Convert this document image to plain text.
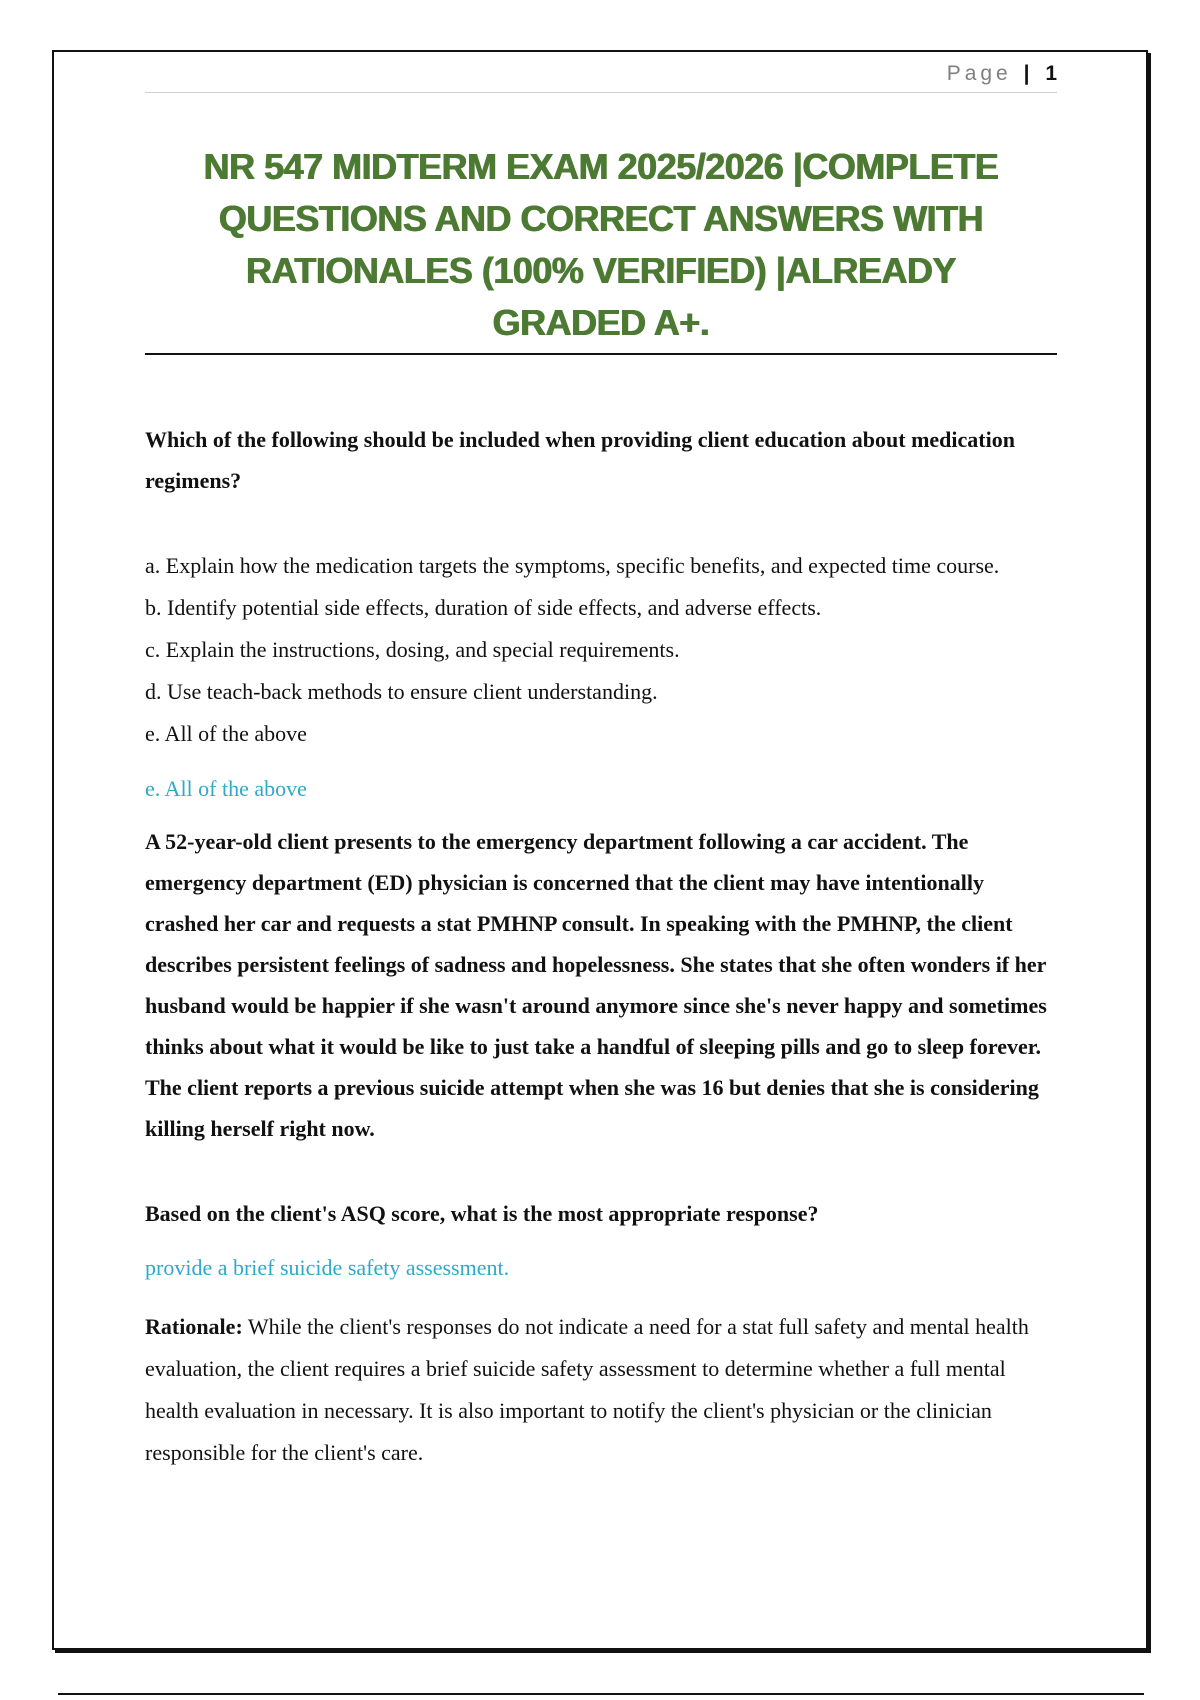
Page | 1
NR 547 MIDTERM EXAM 2025/2026 |COMPLETE
QUESTIONS AND CORRECT ANSWERS WITH
RATIONALES (100% VERIFIED) |ALREADY
GRADED A+.

Which of the following should be included when providing client education about medication regimens?

a. Explain how the medication targets the symptoms, specific benefits, and expected time course.

b. Identify potential side effects, duration of side effects, and adverse effects.

c. Explain the instructions, dosing, and special requirements.

d. Use teach-back methods to ensure client understanding.

e. All of the above

e. All of the above

A 52-year-old client presents to the emergency department following a car accident. The emergency department (ED) physician is concerned that the client may have intentionally crashed her car and requests a stat PMHNP consult. In speaking with the PMHNP, the client describes persistent feelings of sadness and hopelessness. She states that she often wonders if her husband would be happier if she wasn't around anymore since she's never happy and sometimes thinks about what it would be like to just take a handful of sleeping pills and go to sleep forever. The client reports a previous suicide attempt when she was 16 but denies that she is considering killing herself right now.

Based on the client's ASQ score, what is the most appropriate response?

provide a brief suicide safety assessment.

Rationale: While the client's responses do not indicate a need for a stat full safety and mental health evaluation, the client requires a brief suicide safety assessment to determine whether a full mental health evaluation in necessary. It is also important to notify the client's physician or the clinician responsible for the client's care.
